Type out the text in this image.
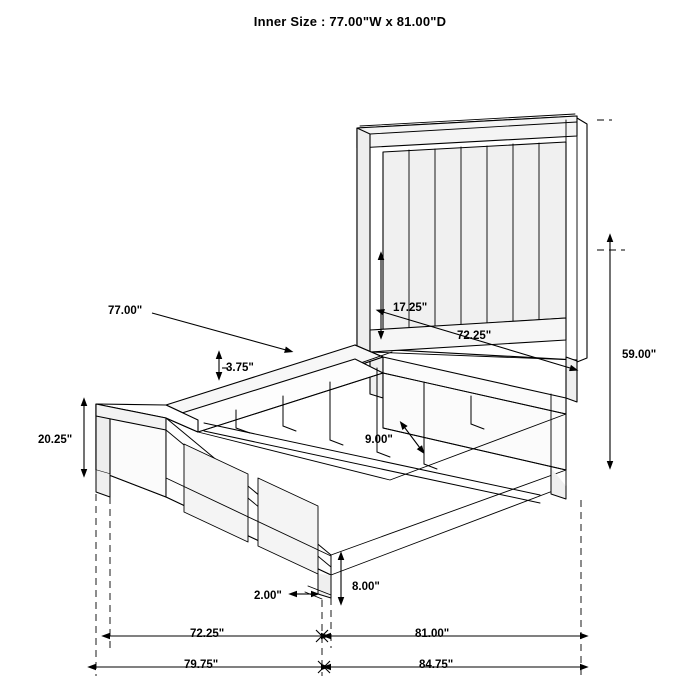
Inner Size : 77.00"W x 81.00"D
77.00"
3.75"
17.25"
72.25"
59.00"
20.25"	9.00"
8.00"
2.00"
72.25"	81.00"
79.75"	84.75"
